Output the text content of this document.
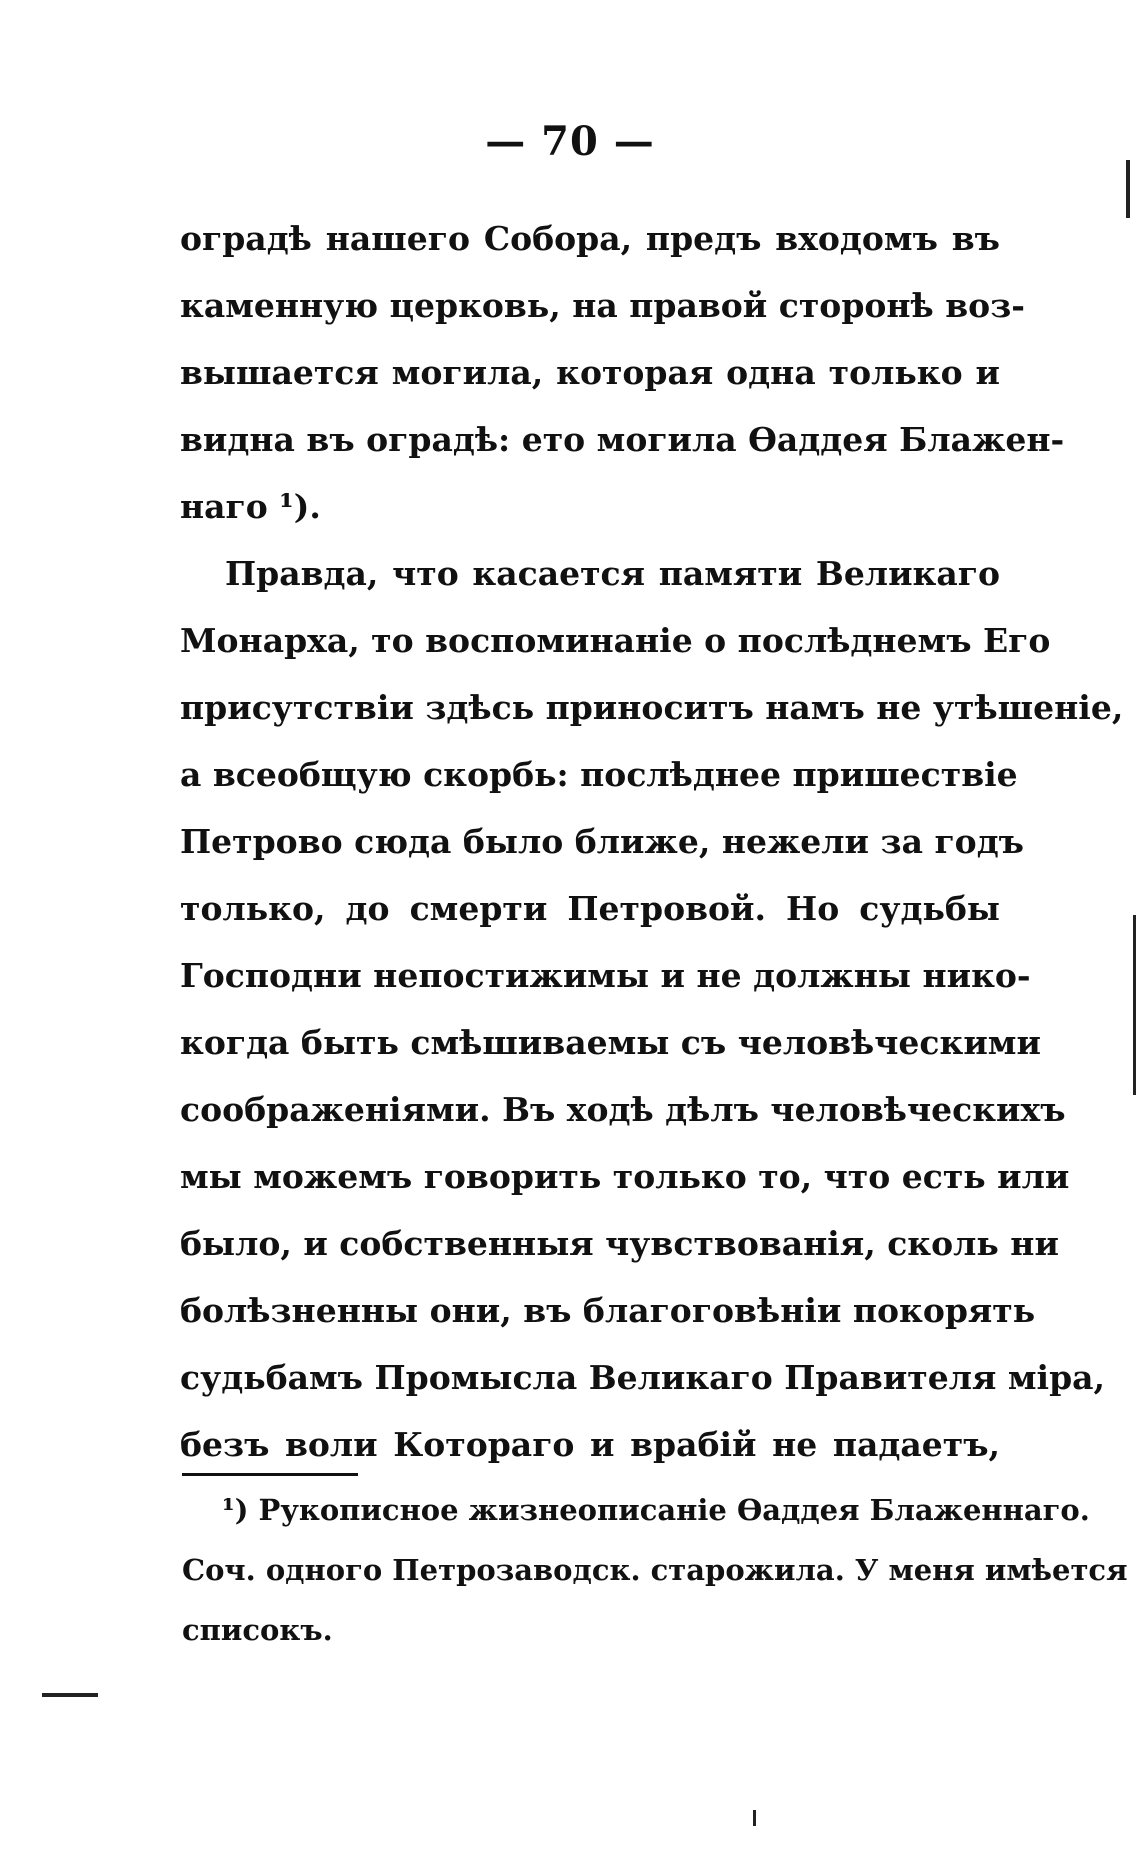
— 70 —
оградѣ нашего Собора, предъ входомъ въ
каменную церковь, на правой сторонѣ воз-
вышается могила, которая одна только и
видна въ оградѣ: ето могила Ѳаддея Блажен-
наго ¹).
Правда, что касается памяти Великаго
Монарха, то воспоминаніе о послѣднемъ Его
присутствіи здѣсь приноситъ намъ не утѣшеніе,
а всеобщую скорбь: послѣднее пришествіе
Петрово сюда было ближе, нежели за годъ
только, до смерти Петровой. Но судьбы
Господни непостижимы и не должны нико-
когда быть смѣшиваемы съ человѣческими
соображеніями. Въ ходѣ дѣлъ человѣческихъ
мы можемъ говорить только то, что есть или
было, и собственныя чувствованія, сколь ни
болѣзненны они, въ благоговѣніи покорять
судьбамъ Промысла Великаго Правителя міра,
безъ воли Котораго и врабій не падаетъ,
¹) Рукописное жизнеописаніе Ѳаддея Блаженнаго.
Соч. одного Петрозаводск. старожила. У меня имѣется
списокъ.
